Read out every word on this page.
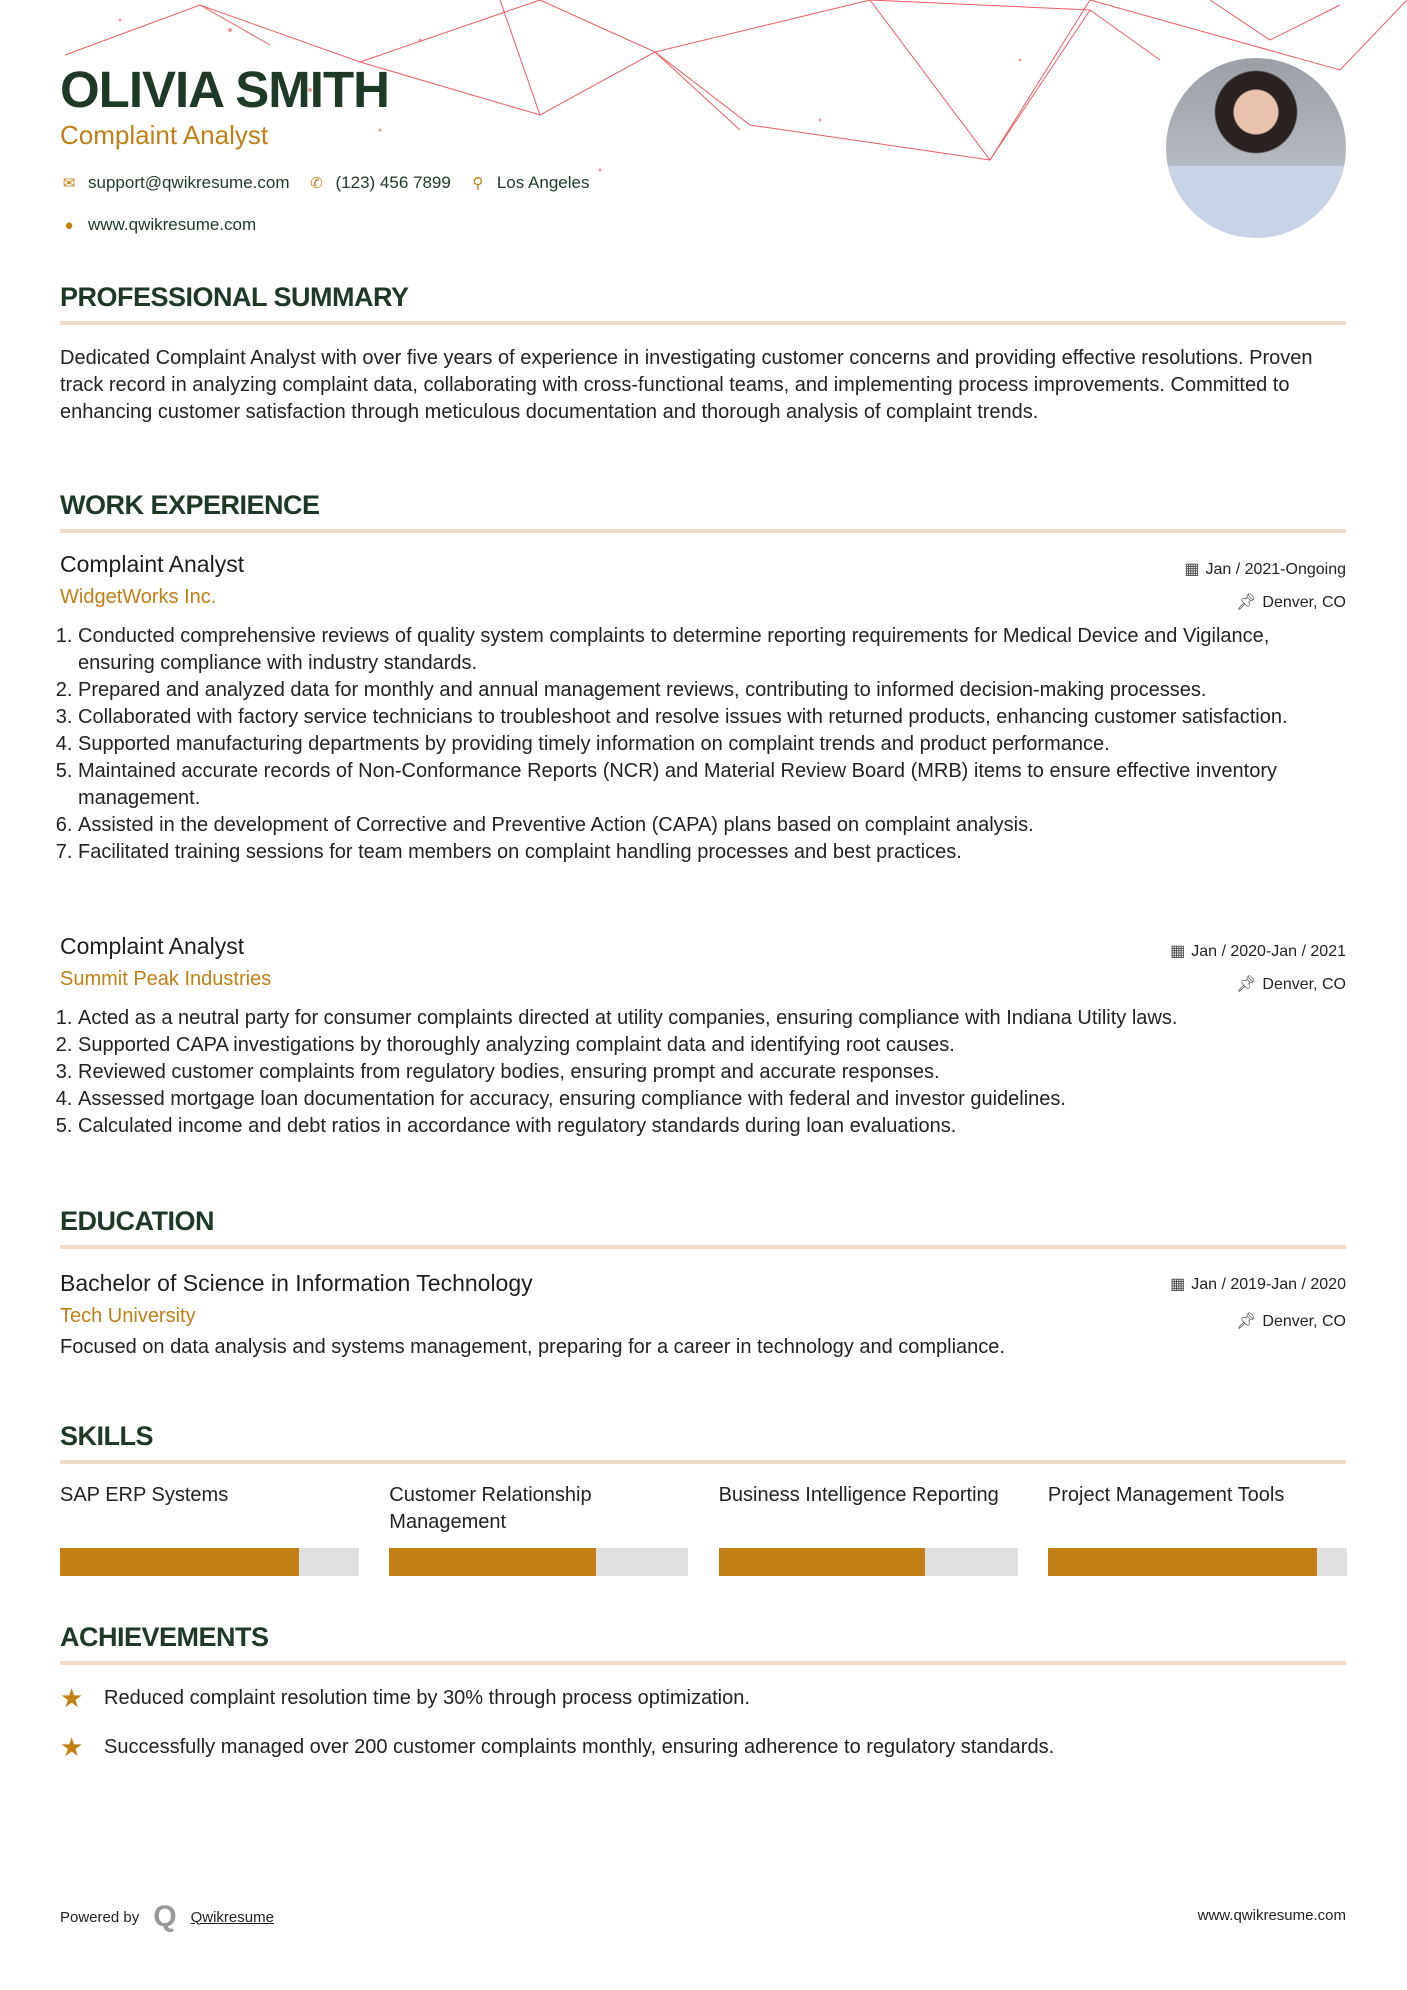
OLIVIA SMITH
Complaint Analyst
✉ support@qwikresume.com ✆ (123) 456 7899 ⚲ Los Angeles
● www.qwikresume.com
PROFESSIONAL SUMMARY

Dedicated Complaint Analyst with over five years of experience in investigating customer concerns and providing effective resolutions. Proven track record in analyzing complaint data, collaborating with cross-functional teams, and implementing process improvements. Committed to enhancing customer satisfaction through meticulous documentation and thorough analysis of complaint trends.

WORK EXPERIENCE
Complaint Analyst
WidgetWorks Inc.
▦ Jan / 2021-Ongoing
📌︎ Denver, CO
1. Conducted comprehensive reviews of quality system complaints to determine reporting requirements for Medical Device and Vigilance, ensuring compliance with industry standards.
2. Prepared and analyzed data for monthly and annual management reviews, contributing to informed decision-making processes.
3. Collaborated with factory service technicians to troubleshoot and resolve issues with returned products, enhancing customer satisfaction.
4. Supported manufacturing departments by providing timely information on complaint trends and product performance.
5. Maintained accurate records of Non-Conformance Reports (NCR) and Material Review Board (MRB) items to ensure effective inventory management.
6. Assisted in the development of Corrective and Preventive Action (CAPA) plans based on complaint analysis.
7. Facilitated training sessions for team members on complaint handling processes and best practices.
Complaint Analyst
Summit Peak Industries
▦ Jan / 2020-Jan / 2021
📌︎ Denver, CO
1. Acted as a neutral party for consumer complaints directed at utility companies, ensuring compliance with Indiana Utility laws.
2. Supported CAPA investigations by thoroughly analyzing complaint data and identifying root causes.
3. Reviewed customer complaints from regulatory bodies, ensuring prompt and accurate responses.
4. Assessed mortgage loan documentation for accuracy, ensuring compliance with federal and investor guidelines.
5. Calculated income and debt ratios in accordance with regulatory standards during loan evaluations.
EDUCATION
Bachelor of Science in Information Technology
Tech University
▦ Jan / 2019-Jan / 2020
📌︎ Denver, CO

Focused on data analysis and systems management, preparing for a career in technology and compliance.

SKILLS
SAP ERP Systems	Customer Relationship Management
Business Intelligence Reporting	Project Management Tools
ACHIEVEMENTS
★	Reduced complaint resolution time by 30% through process optimization.
★	Successfully managed over 200 customer complaints monthly, ensuring adherence to regulatory standards.
Powered by Q Qwikresume	www.qwikresume.com
